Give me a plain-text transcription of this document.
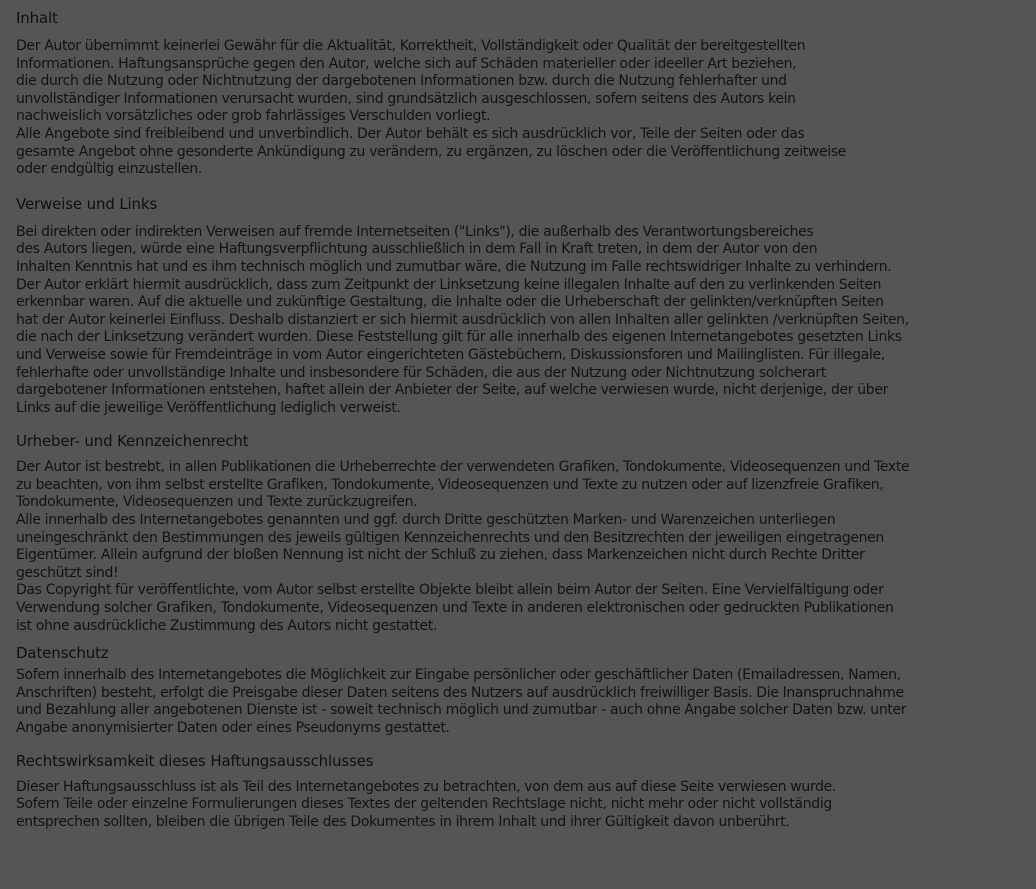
Inhalt

Der Autor übernimmt keinerlei Gewähr für die Aktualität, Korrektheit, Vollständigkeit oder Qualität der bereitgestellten
Informationen. Haftungsansprüche gegen den Autor, welche sich auf Schäden materieller oder ideeller Art beziehen,
die durch die Nutzung oder Nichtnutzung der dargebotenen Informationen bzw. durch die Nutzung fehlerhafter und
unvollständiger Informationen verursacht wurden, sind grundsätzlich ausgeschlossen, sofern seitens des Autors kein
nachweislich vorsätzliches oder grob fahrlässiges Verschulden vorliegt.
Alle Angebote sind freibleibend und unverbindlich. Der Autor behält es sich ausdrücklich vor, Teile der Seiten oder das
gesamte Angebot ohne gesonderte Ankündigung zu verändern, zu ergänzen, zu löschen oder die Veröffentlichung zeitweise
oder endgültig einzustellen.

Verweise und Links

Bei direkten oder indirekten Verweisen auf fremde Internetseiten ("Links"), die außerhalb des Verantwortungsbereiches
des Autors liegen, würde eine Haftungsverpflichtung ausschließlich in dem Fall in Kraft treten, in dem der Autor von den
Inhalten Kenntnis hat und es ihm technisch möglich und zumutbar wäre, die Nutzung im Falle rechtswidriger Inhalte zu verhindern.
Der Autor erklärt hiermit ausdrücklich, dass zum Zeitpunkt der Linksetzung keine illegalen Inhalte auf den zu verlinkenden Seiten
erkennbar waren. Auf die aktuelle und zukünftige Gestaltung, die Inhalte oder die Urheberschaft der gelinkten/verknüpften Seiten
hat der Autor keinerlei Einfluss. Deshalb distanziert er sich hiermit ausdrücklich von allen Inhalten aller gelinkten /verknüpften Seiten,
die nach der Linksetzung verändert wurden. Diese Feststellung gilt für alle innerhalb des eigenen Internetangebotes gesetzten Links
und Verweise sowie für Fremdeinträge in vom Autor eingerichteten Gästebüchern, Diskussionsforen und Mailinglisten. Für illegale,
fehlerhafte oder unvollständige Inhalte und insbesondere für Schäden, die aus der Nutzung oder Nichtnutzung solcherart
dargebotener Informationen entstehen, haftet allein der Anbieter der Seite, auf welche verwiesen wurde, nicht derjenige, der über
Links auf die jeweilige Veröffentlichung lediglich verweist.

Urheber- und Kennzeichenrecht

Der Autor ist bestrebt, in allen Publikationen die Urheberrechte der verwendeten Grafiken, Tondokumente, Videosequenzen und Texte
zu beachten, von ihm selbst erstellte Grafiken, Tondokumente, Videosequenzen und Texte zu nutzen oder auf lizenzfreie Grafiken,
Tondokumente, Videosequenzen und Texte zurückzugreifen.
Alle innerhalb des Internetangebotes genannten und ggf. durch Dritte geschützten Marken- und Warenzeichen unterliegen
uneingeschränkt den Bestimmungen des jeweils gültigen Kennzeichenrechts und den Besitzrechten der jeweiligen eingetragenen
Eigentümer. Allein aufgrund der bloßen Nennung ist nicht der Schluß zu ziehen, dass Markenzeichen nicht durch Rechte Dritter
geschützt sind!
Das Copyright für veröffentlichte, vom Autor selbst erstellte Objekte bleibt allein beim Autor der Seiten. Eine Vervielfältigung oder
Verwendung solcher Grafiken, Tondokumente, Videosequenzen und Texte in anderen elektronischen oder gedruckten Publikationen
ist ohne ausdrückliche Zustimmung des Autors nicht gestattet.

Datenschutz

Sofern innerhalb des Internetangebotes die Möglichkeit zur Eingabe persönlicher oder geschäftlicher Daten (Emailadressen, Namen,
Anschriften) besteht, erfolgt die Preisgabe dieser Daten seitens des Nutzers auf ausdrücklich freiwilliger Basis. Die Inanspruchnahme
und Bezahlung aller angebotenen Dienste ist - soweit technisch möglich und zumutbar - auch ohne Angabe solcher Daten bzw. unter
Angabe anonymisierter Daten oder eines Pseudonyms gestattet.

Rechtswirksamkeit dieses Haftungsausschlusses

Dieser Haftungsausschluss ist als Teil des Internetangebotes zu betrachten, von dem aus auf diese Seite verwiesen wurde.
Sofern Teile oder einzelne Formulierungen dieses Textes der geltenden Rechtslage nicht, nicht mehr oder nicht vollständig
entsprechen sollten, bleiben die übrigen Teile des Dokumentes in ihrem Inhalt und ihrer Gültigkeit davon unberührt.
